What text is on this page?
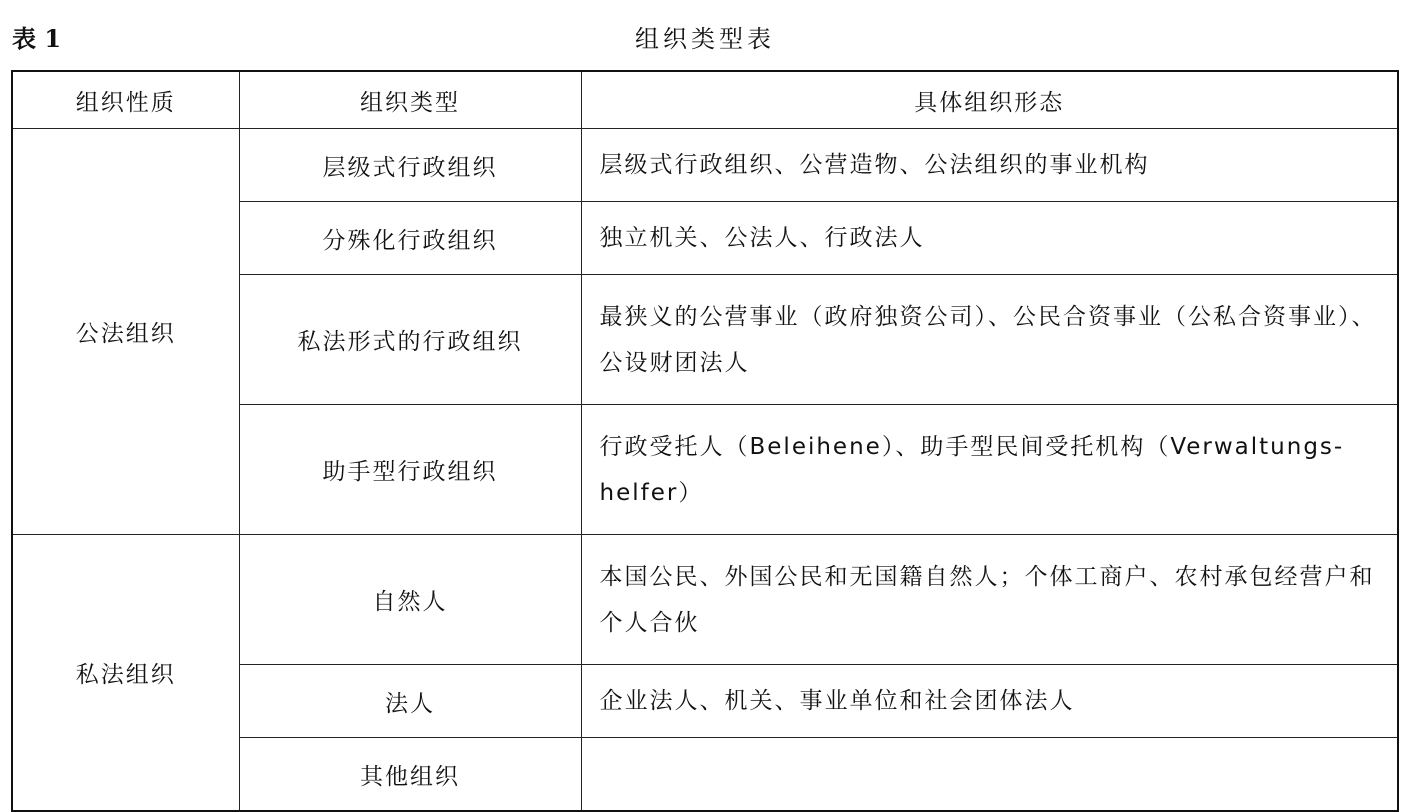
表 1	组织类型表
组织性质	组织类型	具体组织形态
公法组织	层级式行政组织	层级式行政组织、公营造物、公法组织的事业机构
	分殊化行政组织	独立机关、公法人、行政法人
	私法形式的行政组织	最狭义的公营事业（政府独资公司）、公民合资事业（公私合资事业）、公设财团法人
	助手型行政组织	行政受托人（Beleihene）、助手型民间受托机构（Verwaltungs-helfer）
私法组织	自然人	本国公民、外国公民和无国籍自然人；个体工商户、农村承包经营户和个人合伙
	法人	企业法人、机关、事业单位和社会团体法人
	其他组织	
